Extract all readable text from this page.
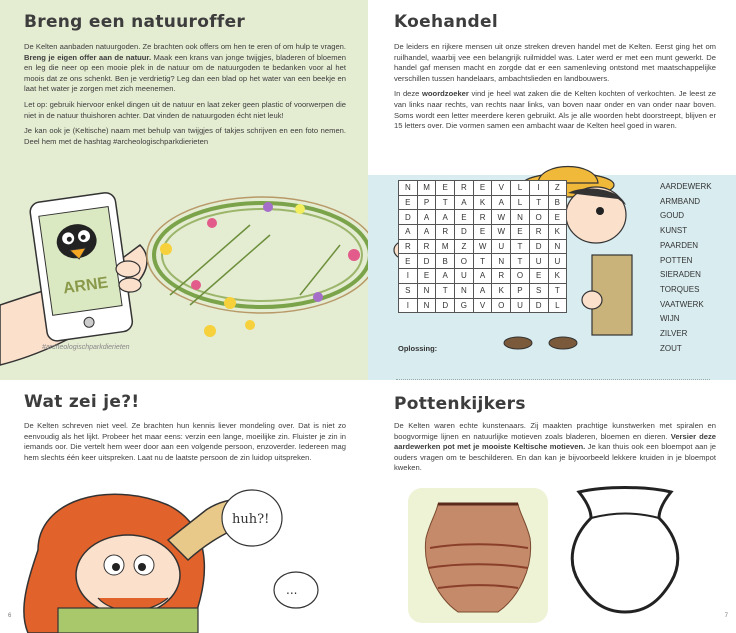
Breng een natuuroffer

De Kelten aanbaden natuurgoden. Ze brachten ook offers om hen te eren of om hulp te vragen. Breng je eigen offer aan de natuur. Maak een krans van jonge twijgjes, bladeren of bloemen en leg die neer op een mooie plek in de natuur om de natuurgoden te bedanken voor al het moois dat ze ons schenkt. Ben je verdrietig? Leg dan een blad op het water van een beekje en laat het water je zorgen met zich meenemen.

Let op: gebruik hiervoor enkel dingen uit de natuur en laat zeker geen plastic of voorwerpen die niet in de natuur thuishoren achter. Dat vinden de natuurgoden écht niet leuk!

Je kan ook je (Keltische) naam met behulp van twijgjes of takjes schrijven en een foto nemen. Deel hem met de hashtag #archeologischparkdierieten

ARNE
#archeologischparkdierieten
Wat zei je?!
De Kelten schreven niet veel. Ze brachten hun kennis liever mondeling over. Dat is niet zo eenvoudig als het lijkt. Probeer het maar eens: verzin een lange, moeilijke zin. Fluister je zin in iemands oor. Die vertelt hem weer door aan een volgende persoon, enzoverder. Iedereen mag hem slechts één keer uitspreken. Laat nu de laatste persoon de zin luidop uitspreken.
huh?!
...
6
Koehandel

De leiders en rijkere mensen uit onze streken dreven handel met de Kelten. Eerst ging het om ruilhandel, waarbij vee een belangrijk ruilmiddel was. Later werd er met een munt gewerkt. De handel gaf mensen macht en zorgde dat er een samenleving ontstond met maatschappelijke verschillen tussen handelaars, ambachtslieden en landbouwers.

In deze woordzoeker vind je heel wat zaken die de Kelten kochten of verkochten. Je leest ze van links naar rechts, van rechts naar links, van boven naar onder en van onder naar boven. Soms wordt een letter meerdere keren gebruikt. Als je alle woorden hebt doorstreept, blijven er 15 letters over. Die vormen samen een ambacht waar de Kelten heel goed in waren.

7
N	M	E	R	E	V	L	I	Z
E	P	T	A	K	A	L	T	B
D	A	A	E	R	W	N	O	E
A	A	R	D	E	W	E	R	K
R	R	M	Z	W	U	T	D	N
E	D	B	O	T	N	T	U	U
I	E	A	U	A	R	O	E	K
S	N	T	N	A	K	P	S	T
I	N	D	G	V	O	U	D	L
AARDEWERK
ARMBAND
GOUD
KUNST
PAARDEN
POTTEN
SIERADEN
TORQUES
VAATWERK
WIJN
ZILVER
ZOUT
Oplossing:
Pottenkijkers
De Kelten waren echte kunstenaars. Zij maakten prachtige kunstwerken met spiralen en boogvormige lijnen en natuurlijke motieven zoals bladeren, bloemen en dieren. Versier deze aardewerken pot met je mooiste Keltische motieven. Je kan thuis ook een bloempot aan je ouders vragen om te beschilderen. En dan kan je bijvoorbeeld lekkere kruiden in je bloempot kweken.
